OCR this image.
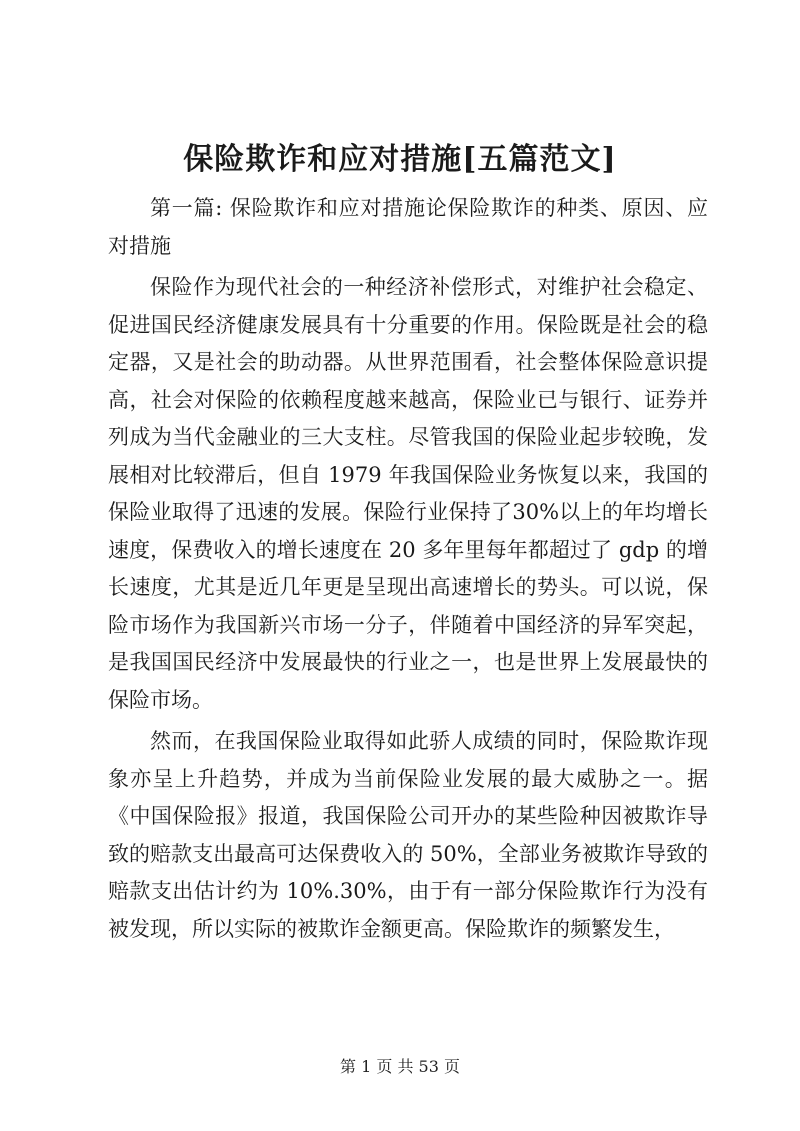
保险欺诈和应对措施[五篇范文]

第一篇: 保险欺诈和应对措施论保险欺诈的种类、原因、应对措施

保险作为现代社会的一种经济补偿形式，对维护社会稳定、促进国民经济健康发展具有十分重要的作用。保险既是社会的稳定器，又是社会的助动器。从世界范围看，社会整体保险意识提高，社会对保险的依赖程度越来越高，保险业已与银行、证券并列成为当代金融业的三大支柱。尽管我国的保险业起步较晚，发展相对比较滞后，但自 1979 年我国保险业务恢复以来，我国的保险业取得了迅速的发展。保险行业保持了30%以上的年均增长速度，保费收入的增长速度在 20 多年里每年都超过了 gdp 的增长速度，尤其是近几年更是呈现出高速增长的势头。可以说，保险市场作为我国新兴市场一分子，伴随着中国经济的异军突起，是我国国民经济中发展最快的行业之一，也是世界上发展最快的保险市场。

然而，在我国保险业取得如此骄人成绩的同时，保险欺诈现象亦呈上升趋势，并成为当前保险业发展的最大威胁之一。据《中国保险报》报道，我国保险公司开办的某些险种因被欺诈导致的赔款支出最高可达保费收入的 50%，全部业务被欺诈导致的赔款支出估计约为 10%.30%，由于有一部分保险欺诈行为没有被发现，所以实际的被欺诈金额更高。保险欺诈的频繁发生，

第 1 页 共 53 页
